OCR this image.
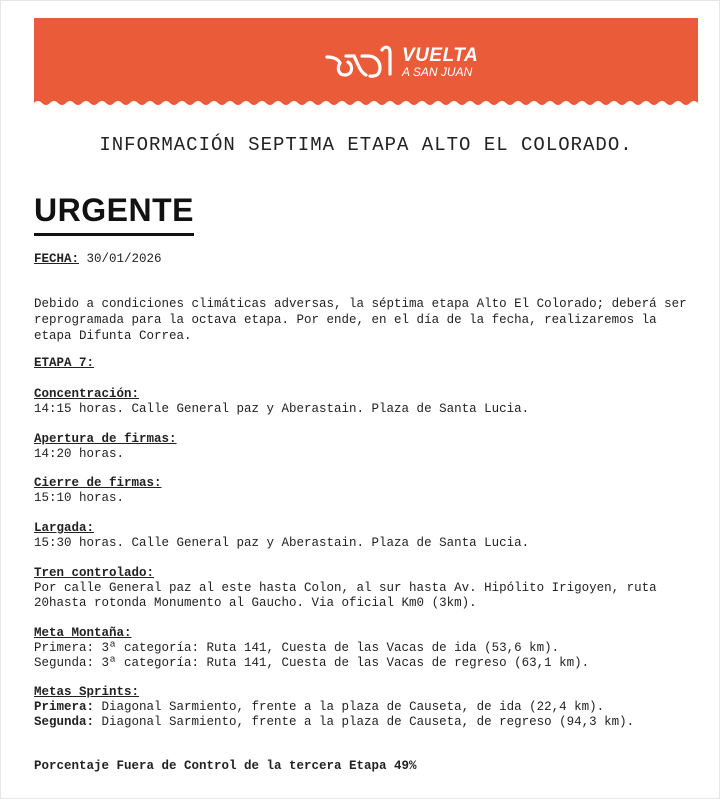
VUELTA
A SAN JUAN
INFORMACIÓN SEPTIMA ETAPA ALTO EL COLORADO.
URGENTE
FECHA: 30/01/2026
Debido a condiciones climáticas adversas, la séptima etapa Alto El Colorado; deberá ser reprogramada para la octava etapa. Por ende, en el día de la fecha, realizaremos la etapa Difunta Correa.
ETAPA 7:
Concentración:
14:15 horas. Calle General paz y Aberastain. Plaza de Santa Lucia.
Apertura de firmas:
14:20 horas.
Cierre de firmas:
15:10 horas.
Largada:
15:30 horas. Calle General paz y Aberastain. Plaza de Santa Lucia.
Tren controlado:
Por calle General paz al este hasta Colon, al sur hasta Av. Hipólito Irigoyen, ruta
20hasta rotonda Monumento al Gaucho. Via oficial Km0 (3km).
Meta Montaña:
Primera: 3ª categoría: Ruta 141, Cuesta de las Vacas de ida (53,6 km).
Segunda: 3ª categoría: Ruta 141, Cuesta de las Vacas de regreso (63,1 km).
Metas Sprints:
Primera: Diagonal Sarmiento, frente a la plaza de Causeta, de ida (22,4 km).
Segunda: Diagonal Sarmiento, frente a la plaza de Causeta, de regreso (94,3 km).
Porcentaje Fuera de Control de la tercera Etapa 49%
